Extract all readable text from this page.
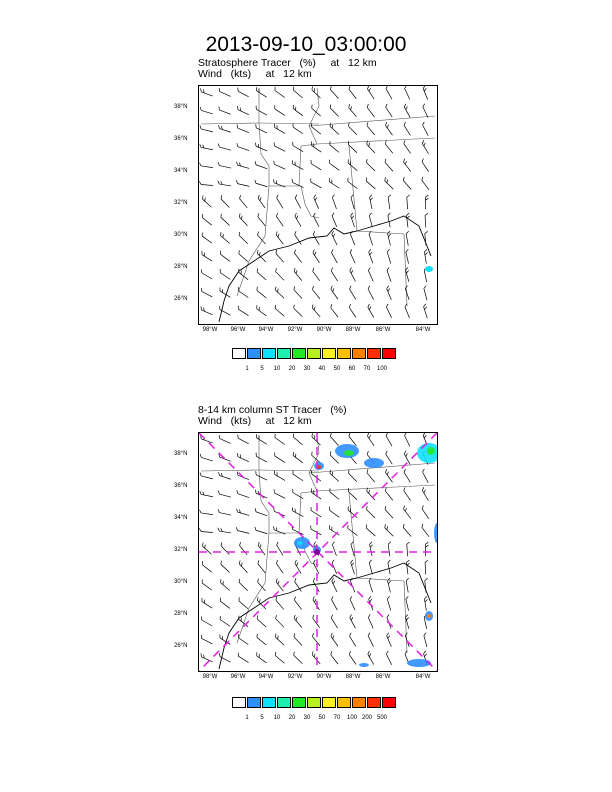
2013-09-10_03:00:00
Stratosphere Tracer   (%)     at   12 km
Wind   (kts)     at   12 km
38°N
36°N
34°N
32°N
30°N
28°N
26°N
98°W	96°W	94°W	92°W	90°W	88°W	86°W	84°W
1	5	10	20	30	40	50	60	70	100
8-14 km column ST Tracer   (%)
Wind   (kts)     at   12 km
38°N
36°N
34°N
32°N
30°N
28°N
26°N
98°W	96°W	94°W	92°W	90°W	88°W	86°W	84°W
1	5	10	20	30	50	70	100 200 500
